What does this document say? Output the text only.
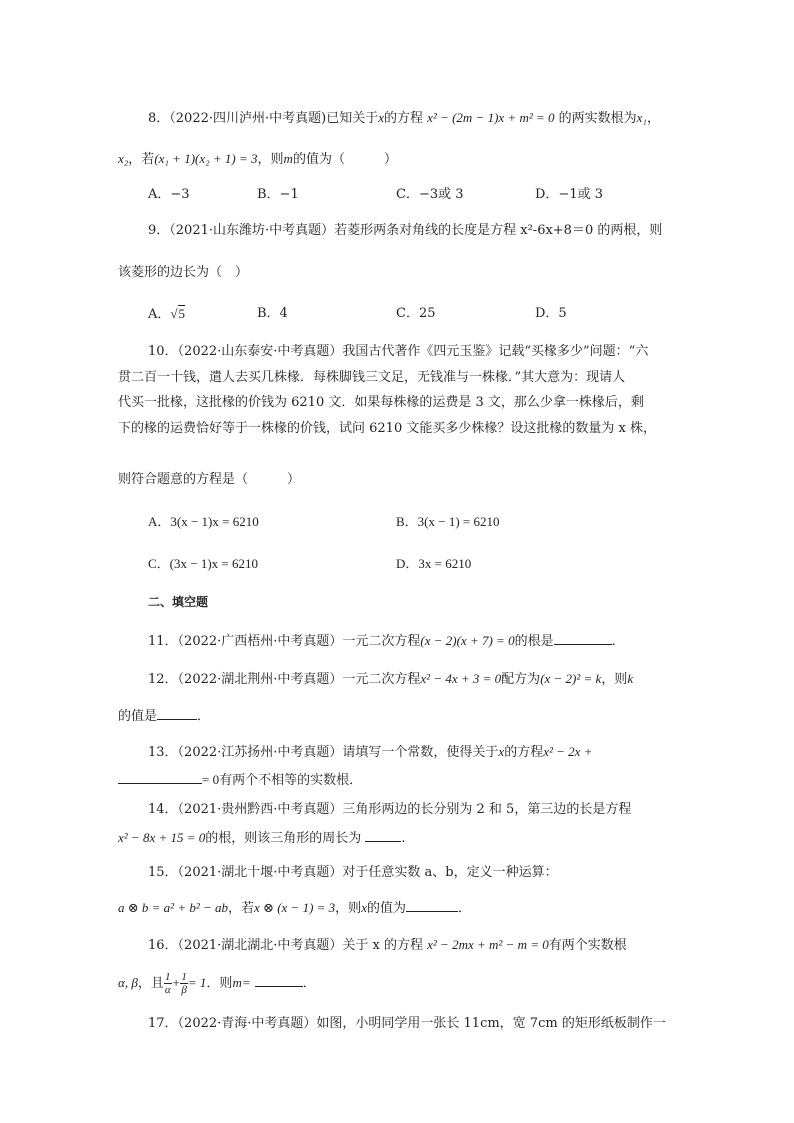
8．（2022·四川泸州·中考真题)已知关于x的方程 x² − (2m − 1)x + m² = 0 的两实数根为x₁，
x₂，若(x₁ + 1)(x₂ + 1) = 3，则m的值为（　　　）
A．−3	B．−1	C．−3或 3	D．−1或 3
9．（2021·山东潍坊·中考真题）若菱形两条对角线的长度是方程 x²-6x+8＝0 的两根，则
该菱形的边长为（　）
A．√5	B．4	C．25	D．5
10．（2022·山东泰安·中考真题）我国古代著作《四元玉鉴》记载“买椽多少”问题：“六
贯二百一十钱，遣人去买几株椽．每株脚钱三文足，无钱准与一株椽．”其大意为：现请人
代买一批椽，这批椽的价钱为 6210 文．如果每株椽的运费是 3 文，那么少拿一株椽后，剩
下的椽的运费恰好等于一株椽的价钱，试问 6210 文能买多少株椽？设这批椽的数量为 x 株，
则符合题意的方程是（　　　）
A．3(x − 1)x = 6210	B．3(x − 1) = 6210
C．(3x − 1)x = 6210	D．3x = 6210
二、填空题
11．（2022·广西梧州·中考真题）一元二次方程(x − 2)(x + 7) = 0的根是	．
12．（2022·湖北荆州·中考真题）一元二次方程x² − 4x + 3 = 0配方为(x − 2)² = k，则k
的值是	．
13．（2022·江苏扬州·中考真题）请填写一个常数，使得关于x的方程x² − 2x +
= 0有两个不相等的实数根．
14．（2021·贵州黔西·中考真题）三角形两边的长分别为 2 和 5，第三边的长是方程
x² − 8x + 15 = 0的根，则该三角形的周长为	.
15．（2021·湖北十堰·中考真题）对于任意实数 a、b，定义一种运算：
a ⊗ b = a² + b² − ab，若x ⊗ (x − 1) = 3，则x的值为	．
16．（2021·湖北湖北·中考真题）关于 x 的方程 x² − 2mx + m² − m = 0有两个实数根
α, β，且 $\frac{1}{\alpha} + \frac{1}{\beta} = 1$．则m=	．
17．（2022·青海·中考真题）如图，小明同学用一张长 11cm，宽 7cm 的矩形纸板制作一
